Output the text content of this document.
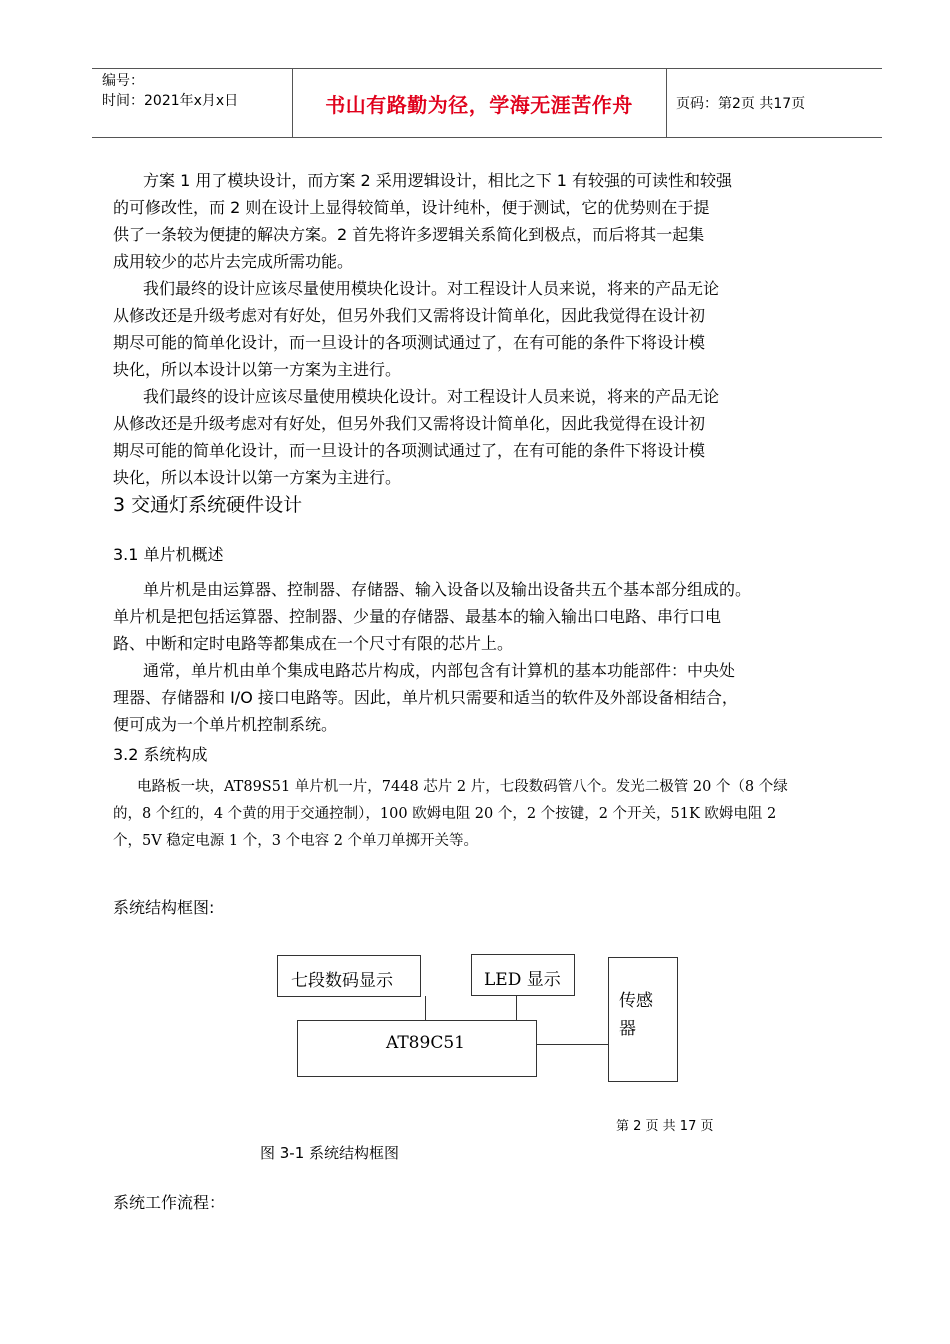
编号：
时间：2021年x月x日	书山有路勤为径，学海无涯苦作舟	页码：第2页 共17页
方案 1 用了模块设计，而方案 2 采用逻辑设计，相比之下 1 有较强的可读性和较强
的可修改性，而 2 则在设计上显得较简单，设计纯朴，便于测试，它的优势则在于提
供了一条较为便捷的解决方案。2 首先将许多逻辑关系简化到极点，而后将其一起集
成用较少的芯片去完成所需功能。
我们最终的设计应该尽量使用模块化设计。对工程设计人员来说，将来的产品无论
从修改还是升级考虑对有好处，但另外我们又需将设计简单化，因此我觉得在设计初
期尽可能的简单化设计，而一旦设计的各项测试通过了，在有可能的条件下将设计模
块化，所以本设计以第一方案为主进行。
我们最终的设计应该尽量使用模块化设计。对工程设计人员来说，将来的产品无论
从修改还是升级考虑对有好处，但另外我们又需将设计简单化，因此我觉得在设计初
期尽可能的简单化设计，而一旦设计的各项测试通过了，在有可能的条件下将设计模
块化，所以本设计以第一方案为主进行。
3 交通灯系统硬件设计
3.1 单片机概述
单片机是由运算器、控制器、存储器、输入设备以及输出设备共五个基本部分组成的。
单片机是把包括运算器、控制器、少量的存储器、最基本的输入输出口电路、串行口电
路、中断和定时电路等都集成在一个尺寸有限的芯片上。
通常，单片机由单个集成电路芯片构成，内部包含有计算机的基本功能部件：中央处
理器、存储器和 I/O 接口电路等。因此，单片机只需要和适当的软件及外部设备相结合，
便可成为一个单片机控制系统。
3.2 系统构成
电路板一块，AT89S51 单片机一片，7448 芯片 2 片，七段数码管八个。发光二极管 20 个（8 个绿
的，8 个红的，4 个黄的用于交通控制），100 欧姆电阻 20 个，2 个按键，2 个开关，51K 欧姆电阻 2
个，5V 稳定电源 1 个，3 个电容 2 个单刀单掷开关等。
系统结构框图:
七段数码显示	LED 显示
AT89C51
传感
器
第 2 页 共 17 页
图 3-1 系统结构框图
系统工作流程：
